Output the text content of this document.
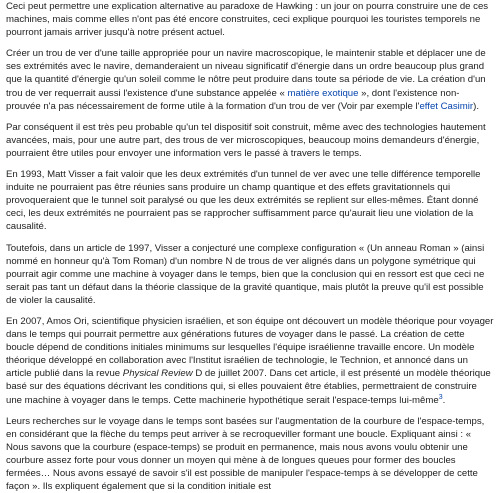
Ceci peut permettre une explication alternative au paradoxe de Hawking : un jour on pourra construire une de ces machines, mais comme elles n'ont pas été encore construites, ceci explique pourquoi les touristes temporels ne pourront jamais arriver jusqu'à notre présent actuel.

Créer un trou de ver d'une taille appropriée pour un navire macroscopique, le maintenir stable et déplacer une de ses extrémités avec le navire, demanderaient un niveau significatif d'énergie dans un ordre beaucoup plus grand que la quantité d'énergie qu'un soleil comme le nôtre peut produire dans toute sa période de vie. La création d'un trou de ver requerrait aussi l'existence d'une substance appelée « matière exotique », dont l'existence non-prouvée n'a pas nécessairement de forme utile à la formation d'un trou de ver (Voir par exemple l'effet Casimir).

Par conséquent il est très peu probable qu'un tel dispositif soit construit, même avec des technologies hautement avancées, mais, pour une autre part, des trous de ver microscopiques, beaucoup moins demandeurs d'énergie, pourraient être utiles pour envoyer une information vers le passé à travers le temps.

En 1993, Matt Visser a fait valoir que les deux extrémités d'un tunnel de ver avec une telle différence temporelle induite ne pourraient pas être réunies sans produire un champ quantique et des effets gravitationnels qui provoqueraient que le tunnel soit paralysé ou que les deux extrémités se replient sur elles-mêmes. Étant donné ceci, les deux extrémités ne pourraient pas se rapprocher suffisamment parce qu'aurait lieu une violation de la causalité.

Toutefois, dans un article de 1997, Visser a conjecturé une complexe configuration « (Un anneau Roman » (ainsi nommé en honneur qu'à Tom Roman) d'un nombre N de trous de ver alignés dans un polygone symétrique qui pourrait agir comme une machine à voyager dans le temps, bien que la conclusion qui en ressort est que ceci ne serait pas tant un défaut dans la théorie classique de la gravité quantique, mais plutôt la preuve qu'il est possible de violer la causalité.

En 2007, Amos Ori, scientifique physicien israélien, et son équipe ont découvert un modèle théorique pour voyager dans le temps qui pourrait permettre aux générations futures de voyager dans le passé. La création de cette boucle dépend de conditions initiales minimums sur lesquelles l'équipe israélienne travaille encore. Un modèle théorique développé en collaboration avec l'Institut israélien de technologie, le Technion, et annoncé dans un article publié dans la revue Physical Review D de juillet 2007. Dans cet article, il est présenté un modèle théorique basé sur des équations décrivant les conditions qui, si elles pouvaient être établies, permettraient de construire une machine à voyager dans le temps. Cette machinerie hypothétique serait l'espace-temps lui-même$^3$.

Leurs recherches sur le voyage dans le temps sont basées sur l'augmentation de la courbure de l'espace-temps, en considérant que la flèche du temps peut arriver à se recroqueviller formant une boucle. Expliquant ainsi : « Nous savons que la courbure (espace-temps) se produit en permanence, mais nous avons voulu obtenir une courbure assez forte pour vous donner un moyen qui mène à de longues queues pour former des boucles fermées… Nous avons essayé de savoir s'il est possible de manipuler l'espace-temps à se développer de cette façon ». Ils expliquent également que si la condition initiale est
